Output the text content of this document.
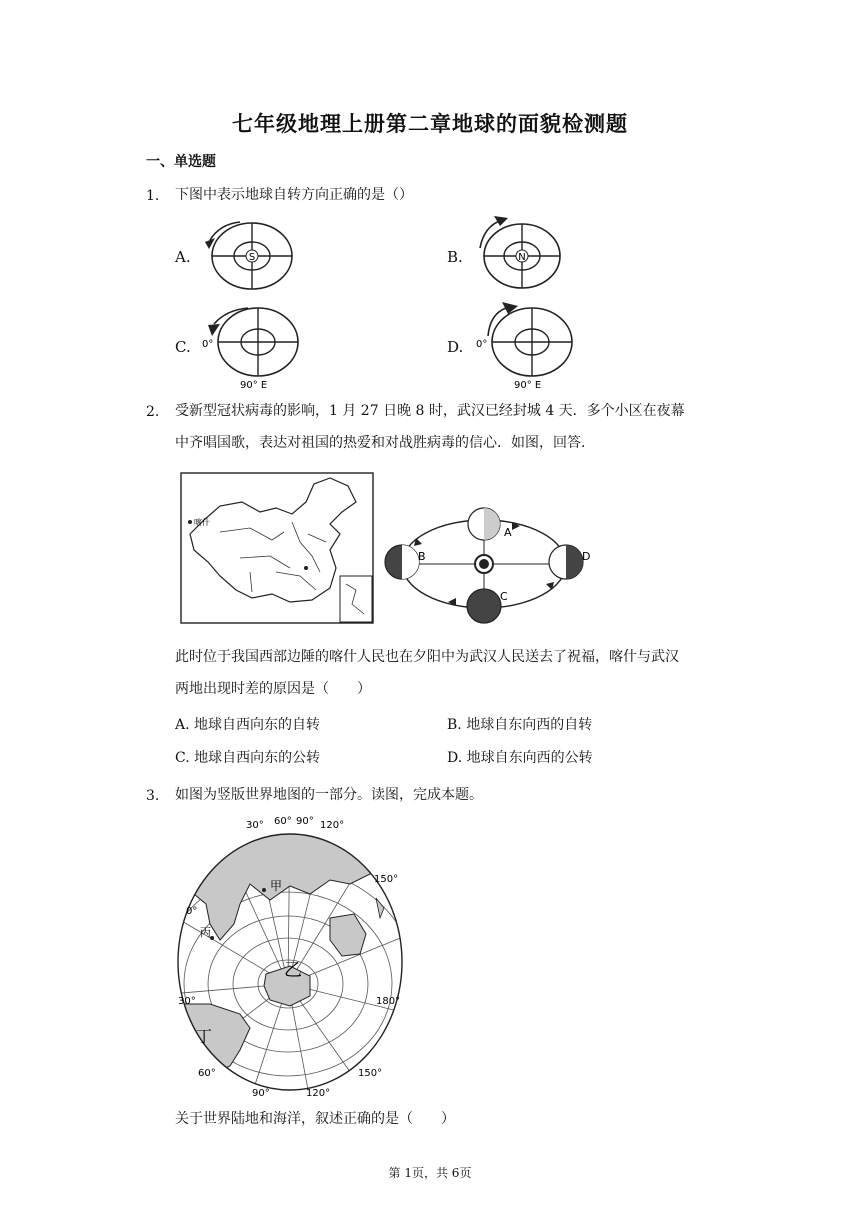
七年级地理上册第二章地球的面貌检测题
一、单选题
1. 下图中表示地球自转方向正确的是（）
A.	B.
C.	D.
S	N
0°
90° E
0°
90° E
2. 受新型冠状病毒的影响，1 月 27 日晚 8 时，武汉已经封城 4 天．多个小区在夜幕
中齐唱国歌，表达对祖国的热爱和对战胜病毒的信心．如图，回答．
喀什
A
B
C
D
此时位于我国西部边陲的喀什人民也在夕阳中为武汉人民送去了祝福，喀什与武汉
两地出现时差的原因是（　　）
A. 地球自西向东的自转	B. 地球自东向西的自转
C. 地球自西向东的公转	D. 地球自东向西的公转
3. 如图为竖版世界地图的一部分。读图，完成本题。
30° 60° 90° 120°
150°
0°
30°	180°
60°
90°	120°
150°
甲
乙
丙
丁
关于世界陆地和海洋，叙述正确的是（　　）
第 1页，共 6页
